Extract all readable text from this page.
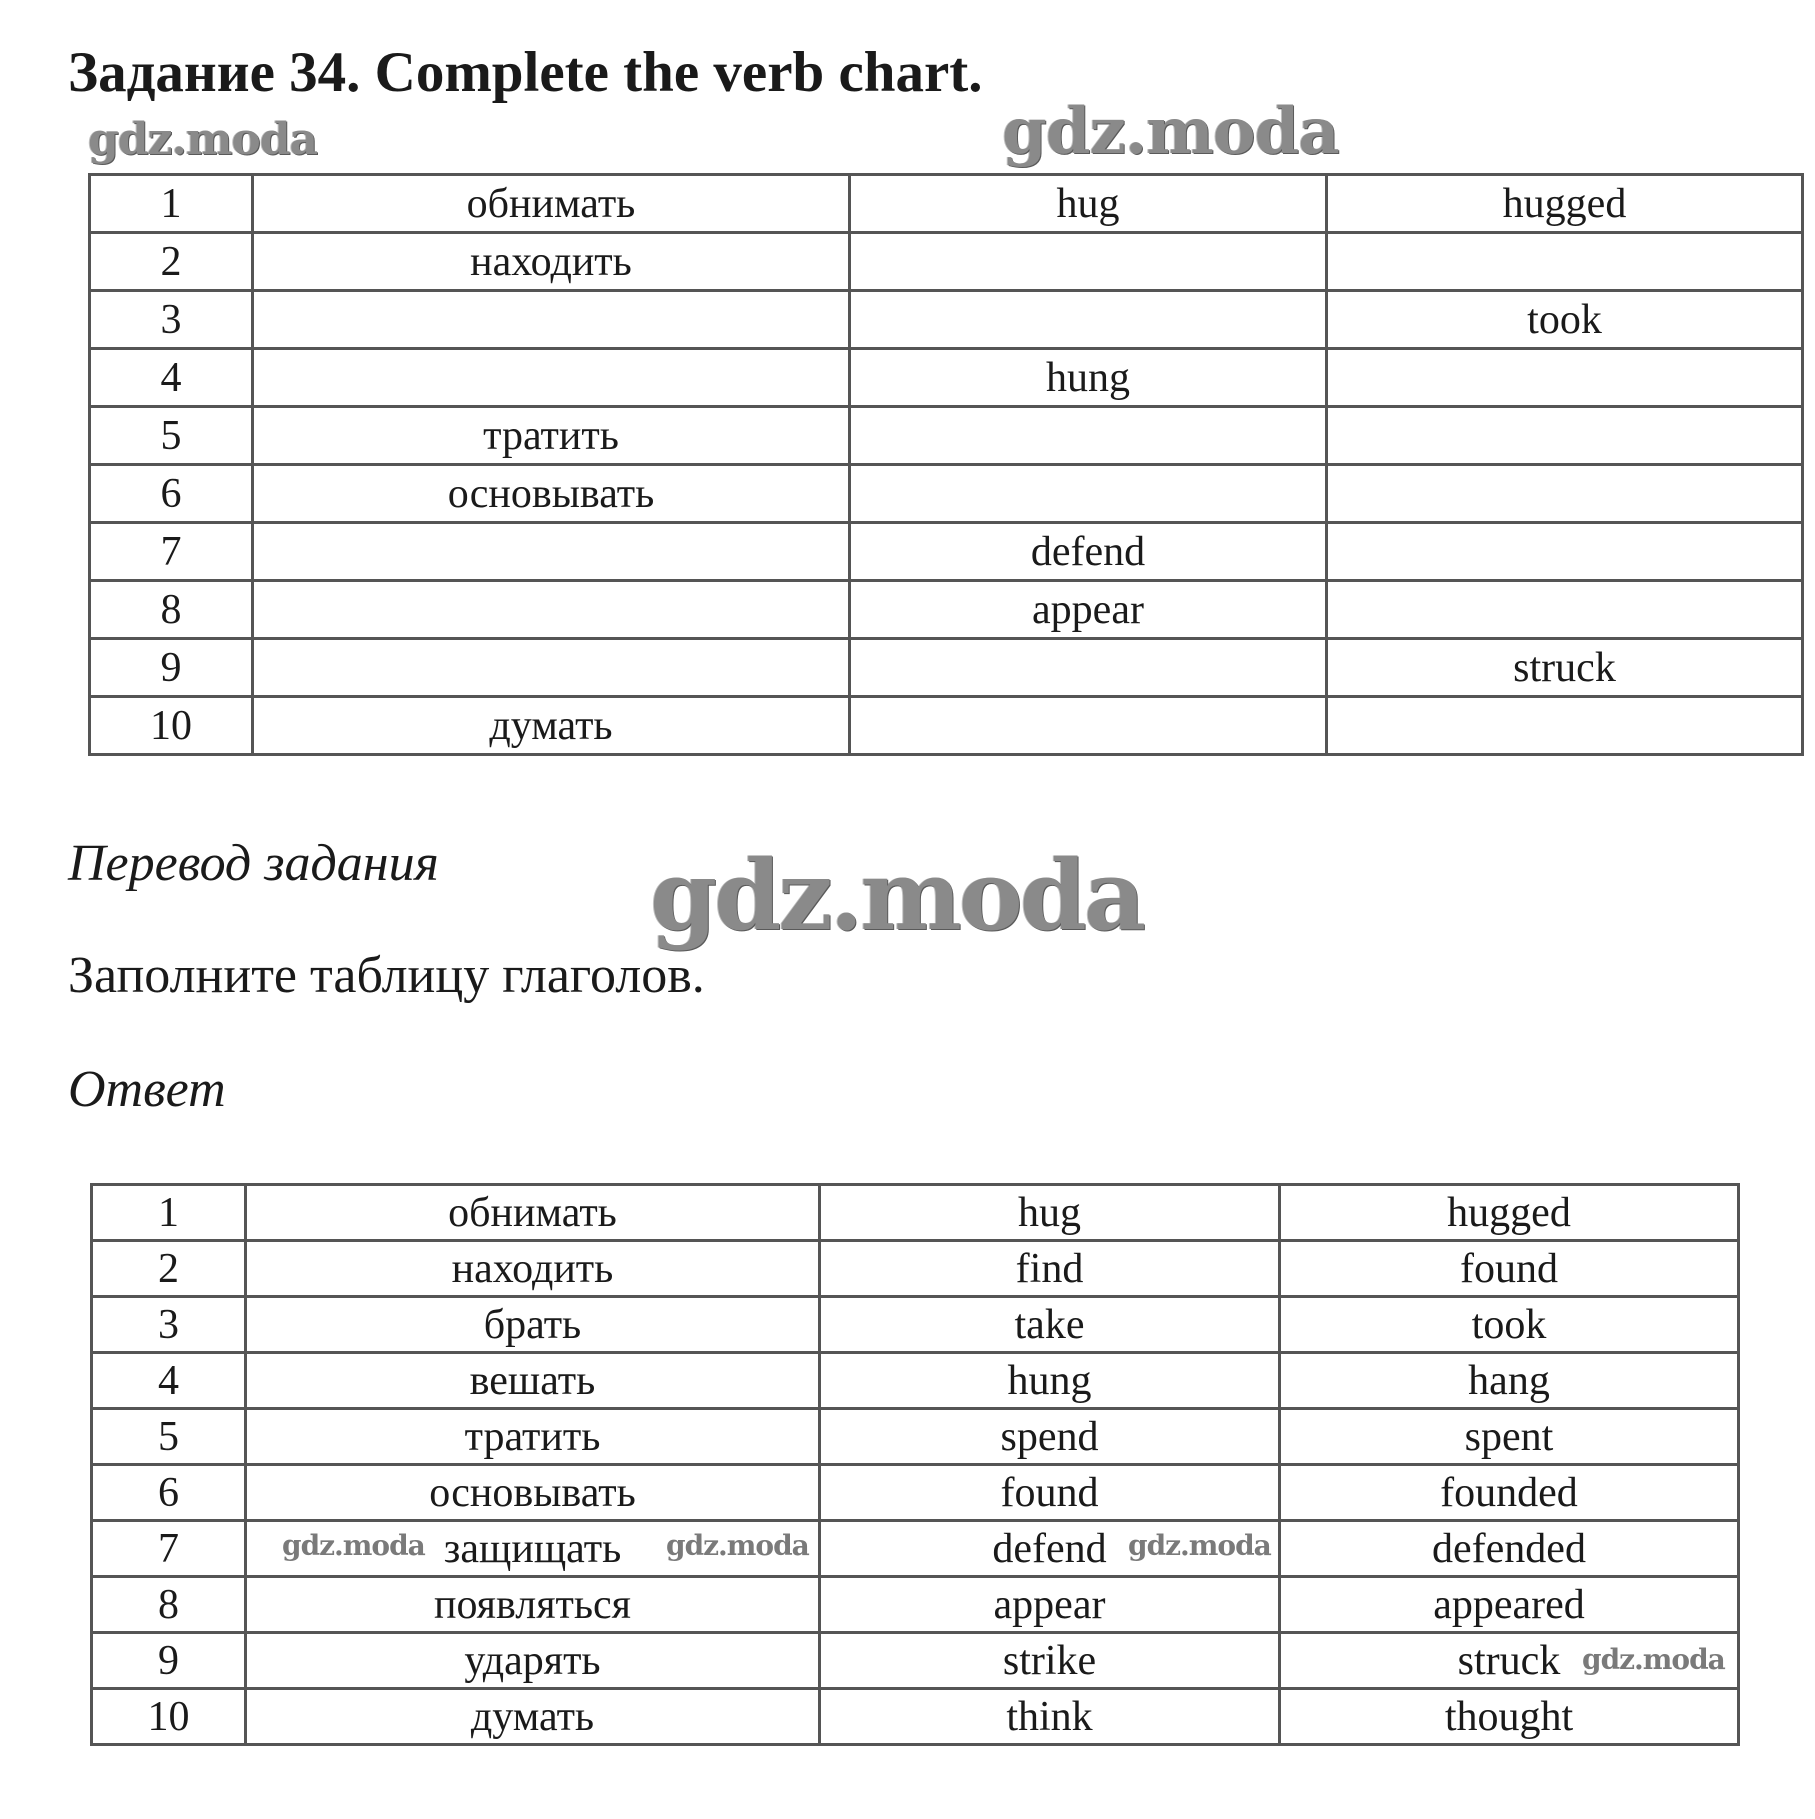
Задание 34. Complete the verb chart.
gdz.moda	gdz.moda
1	обнимать	hug	hugged
2	находить		
3			took
4		hung	
5	тратить		
6	основывать		
7		defend	
8		appear	
9			struck
10	думать		
Перевод задания gdz.moda
Заполните таблицу глаголов.
Ответ
1	обнимать	hug	hugged
2	находить	find	found
3	брать	take	took
4	вешать	hung	hang
5	тратить	spend	spent
6	основывать	found	founded
7	защищать	defend	defended
8	появляться	appear	appeared
9	ударять	strike	struck
10	думать	think	thought
gdz.moda	gdz.moda	gdz.moda
gdz.moda
